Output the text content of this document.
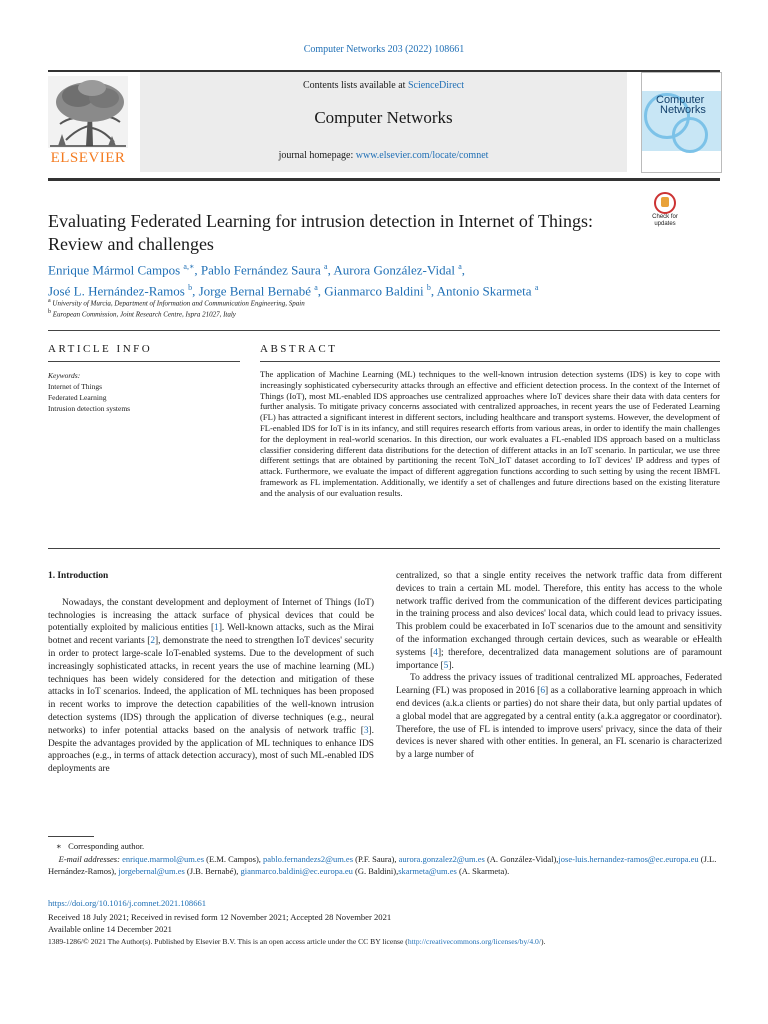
Computer Networks 203 (2022) 108661
ELSEVIER
Contents lists available at ScienceDirect
Computer Networks
journal homepage: www.elsevier.com/locate/comnet
Computer
Networks
Check for
updates
Evaluating Federated Learning for intrusion detection in Internet of Things:
Review and challenges
Enrique Mármol Campos $^{a,∗}$, Pablo Fernández Saura $^a$, Aurora González-Vidal $^a$,
José L. Hernández-Ramos $^b$, Jorge Bernal Bernabé $^a$, Gianmarco Baldini $^b$, Antonio Skarmeta $^a$
$^a$ University of Murcia, Department of Information and Communication Engineering, Spain
$^b$ European Commission, Joint Research Centre, Ispra 21027, Italy
ARTICLE INFO	ABSTRACT
Keywords:
Internet of Things
Federated Learning
Intrusion detection systems
The application of Machine Learning (ML) techniques to the well-known intrusion detection systems (IDS) is key to cope with increasingly sophisticated cybersecurity attacks through an effective and efficient detection process. In the context of the Internet of Things (IoT), most ML-enabled IDS approaches use centralized approaches where IoT devices share their data with data centers for further analysis. To mitigate privacy concerns associated with centralized approaches, in recent years the use of Federated Learning (FL) has attracted a significant interest in different sectors, including healthcare and transport systems. However, the development of FL-enabled IDS for IoT is in its infancy, and still requires research efforts from various areas, in order to identify the main challenges for the deployment in real-world scenarios. In this direction, our work evaluates a FL-enabled IDS approach based on a multiclass classifier considering different data distributions for the detection of different attacks in an IoT scenario. In particular, we use three different settings that are obtained by partitioning the recent ToN_IoT dataset according to IoT devices' IP address and types of attack. Furthermore, we evaluate the impact of different aggregation functions according to such setting by using the recent IBMFL framework as FL implementation. Additionally, we identify a set of challenges and future directions based on the existing literature and the analysis of our evaluation results.

1. Introduction

Nowadays, the constant development and deployment of Internet of Things (IoT) technologies is increasing the attack surface of physical devices that could be potentially exploited by malicious entities [1]. Well-known attacks, such as the Mirai botnet and recent variants [2], demonstrate the need to strengthen IoT devices' security in order to protect large-scale IoT-enabled systems. Due to the development of such increasingly sophisticated attacks, in recent years the use of machine learning (ML) techniques has been widely considered for the detection and mitigation of these attacks in IoT scenarios. Indeed, the application of ML techniques has been proposed in recent works to improve the detection capabilities of the well-known intrusion detection systems (IDS) through the application of diverse techniques (e.g., neural networks) to infer potential attacks based on the analysis of network traffic [3]. Despite the advantages provided by the application of ML techniques to enhance IDS approaches (e.g., in terms of attack detection accuracy), most of such ML-enabled IDS deployments are

centralized, so that a single entity receives the network traffic data from different devices to train a certain ML model. Therefore, this entity has access to the whole network traffic derived from the communication of the different devices participating in the training process and also devices' local data, which could lead to privacy issues. This problem could be exacerbated in IoT scenarios due to the amount and sensitivity of the information exchanged through certain devices, such as wearable or eHealth systems [4]; therefore, decentralized data management solutions are of paramount importance [5].

To address the privacy issues of traditional centralized ML approaches, Federated Learning (FL) was proposed in 2016 [6] as a collaborative learning approach in which end devices (a.k.a clients or parties) do not share their data, but only partial updates of a global model that are aggregated by a central entity (a.k.a aggregator or coordinator). Therefore, the use of FL is intended to improve users' privacy, since the data of their devices is never shared with other entities. In general, an FL scenario is characterized by a large number of

∗ Corresponding author.
E-mail addresses: enrique.marmol@um.es (E.M. Campos), pablo.fernandezs2@um.es (P.F. Saura), aurora.gonzalez2@um.es (A. González-Vidal),jose-luis.hernandez-ramos@ec.europa.eu (J.L. Hernández-Ramos), jorgebernal@um.es (J.B. Bernabé), gianmarco.baldini@ec.europa.eu (G. Baldini),skarmeta@um.es (A. Skarmeta).
https://doi.org/10.1016/j.comnet.2021.108661
Received 18 July 2021; Received in revised form 12 November 2021; Accepted 28 November 2021
Available online 14 December 2021
1389-1286/© 2021 The Author(s). Published by Elsevier B.V. This is an open access article under the CC BY license (http://creativecommons.org/licenses/by/4.0/).
